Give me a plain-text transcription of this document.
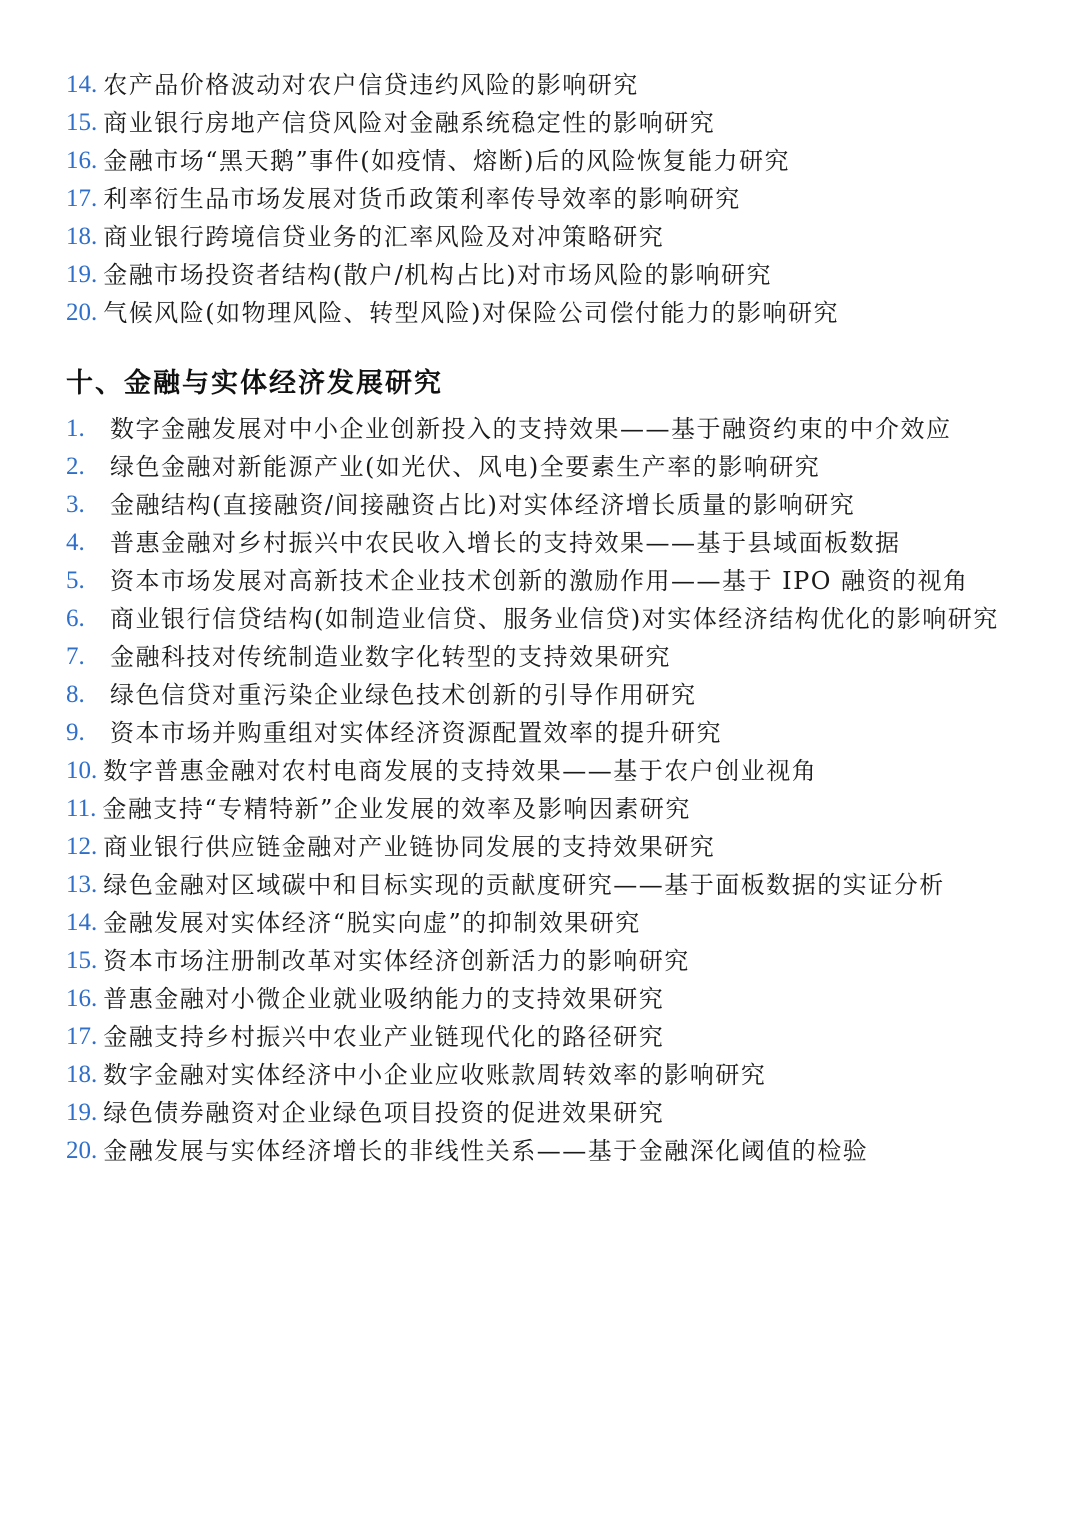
14. 农产品价格波动对农户信贷违约风险的影响研究
15. 商业银行房地产信贷风险对金融系统稳定性的影响研究
16. 金融市场“黑天鹅”事件(如疫情、熔断)后的风险恢复能力研究
17. 利率衍生品市场发展对货币政策利率传导效率的影响研究
18. 商业银行跨境信贷业务的汇率风险及对冲策略研究
19. 金融市场投资者结构(散户/机构占比)对市场风险的影响研究
20. 气候风险(如物理风险、转型风险)对保险公司偿付能力的影响研究
十、金融与实体经济发展研究
1.	数字金融发展对中小企业创新投入的支持效果——基于融资约束的中介效应
2.	绿色金融对新能源产业(如光伏、风电)全要素生产率的影响研究
3.	金融结构(直接融资/间接融资占比)对实体经济增长质量的影响研究
4.	普惠金融对乡村振兴中农民收入增长的支持效果——基于县域面板数据
5.	资本市场发展对高新技术企业技术创新的激励作用——基于 IPO 融资的视角
6.	商业银行信贷结构(如制造业信贷、服务业信贷)对实体经济结构优化的影响研究
7.	金融科技对传统制造业数字化转型的支持效果研究
8.	绿色信贷对重污染企业绿色技术创新的引导作用研究
9.	资本市场并购重组对实体经济资源配置效率的提升研究
10. 数字普惠金融对农村电商发展的支持效果——基于农户创业视角
11. 金融支持“专精特新”企业发展的效率及影响因素研究
12. 商业银行供应链金融对产业链协同发展的支持效果研究
13. 绿色金融对区域碳中和目标实现的贡献度研究——基于面板数据的实证分析
14. 金融发展对实体经济“脱实向虚”的抑制效果研究
15. 资本市场注册制改革对实体经济创新活力的影响研究
16. 普惠金融对小微企业就业吸纳能力的支持效果研究
17. 金融支持乡村振兴中农业产业链现代化的路径研究
18. 数字金融对实体经济中小企业应收账款周转效率的影响研究
19. 绿色债券融资对企业绿色项目投资的促进效果研究
20. 金融发展与实体经济增长的非线性关系——基于金融深化阈值的检验
